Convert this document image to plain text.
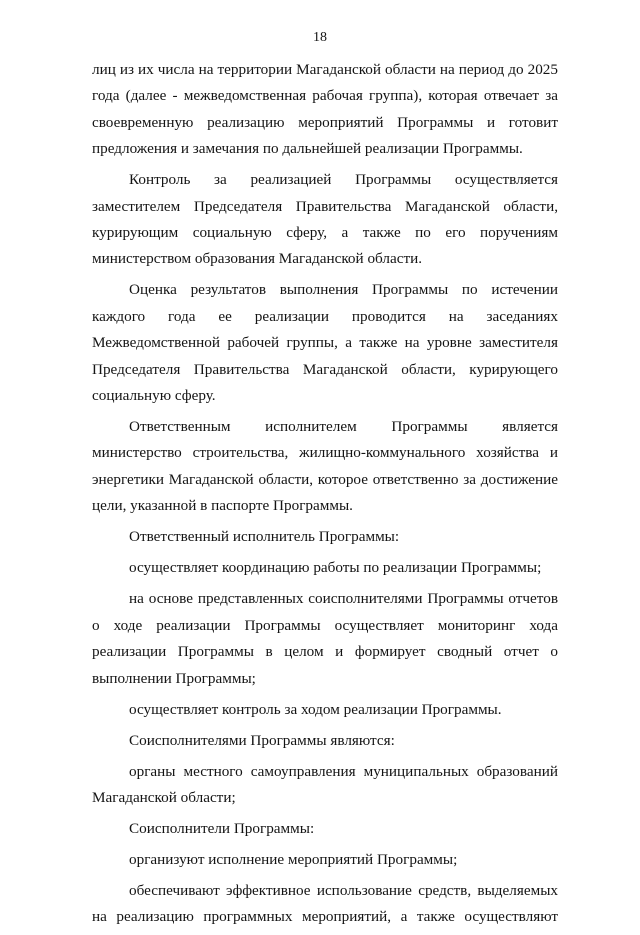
18

лиц из их числа на территории Магаданской области на период до 2025 года (далее - межведомственная рабочая группа), которая отвечает за своевременную реализацию мероприятий Программы и готовит предложения и замечания по дальнейшей реализации Программы.

Контроль за реализацией Программы осуществляется заместителем Председателя Правительства Магаданской области, курирующим социальную сферу, а также по его поручениям министерством образования Магаданской области.

Оценка результатов выполнения Программы по истечении каждого года ее реализации проводится на заседаниях Межведомственной рабочей группы, а также на уровне заместителя Председателя Правительства Магаданской области, курирующего социальную сферу.

Ответственным исполнителем Программы является министерство строительства, жилищно-коммунального хозяйства и энергетики Магаданской области, которое ответственно за достижение цели, указанной в паспорте Программы.

Ответственный исполнитель Программы:

осуществляет координацию работы по реализации Программы;

на основе представленных соисполнителями Программы отчетов о ходе реализации Программы осуществляет мониторинг хода реализации Программы в целом и формирует сводный отчет о выполнении Программы;

осуществляет контроль за ходом реализации Программы.

Соисполнителями Программы являются:

органы местного самоуправления муниципальных образований Магаданской области;

Соисполнители Программы:

организуют исполнение мероприятий Программы;

обеспечивают эффективное использование средств, выделяемых на реализацию программных мероприятий, а также осуществляют
